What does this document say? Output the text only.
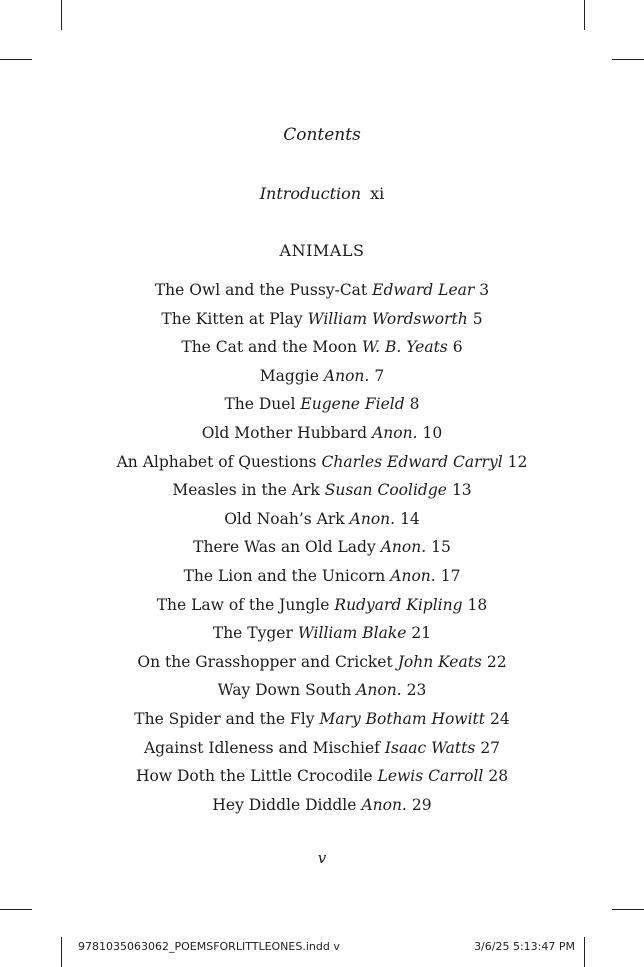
Contents
Introduction xi
ANIMALS
The Owl and the Pussy-Cat Edward Lear 3
The Kitten at Play William Wordsworth 5
The Cat and the Moon W. B. Yeats 6
Maggie Anon. 7
The Duel Eugene Field 8
Old Mother Hubbard Anon. 10
An Alphabet of Questions Charles Edward Carryl 12
Measles in the Ark Susan Coolidge 13
Old Noah’s Ark Anon. 14
There Was an Old Lady Anon. 15
The Lion and the Unicorn Anon. 17
The Law of the Jungle Rudyard Kipling 18
The Tyger William Blake 21
On the Grasshopper and Cricket John Keats 22
Way Down South Anon. 23
The Spider and the Fly Mary Botham Howitt 24
Against Idleness and Mischief Isaac Watts 27
How Doth the Little Crocodile Lewis Carroll 28
Hey Diddle Diddle Anon. 29
v
9781035063062_POEMSFORLITTLEONES.indd v	3/6/25 5:13:47 PM
